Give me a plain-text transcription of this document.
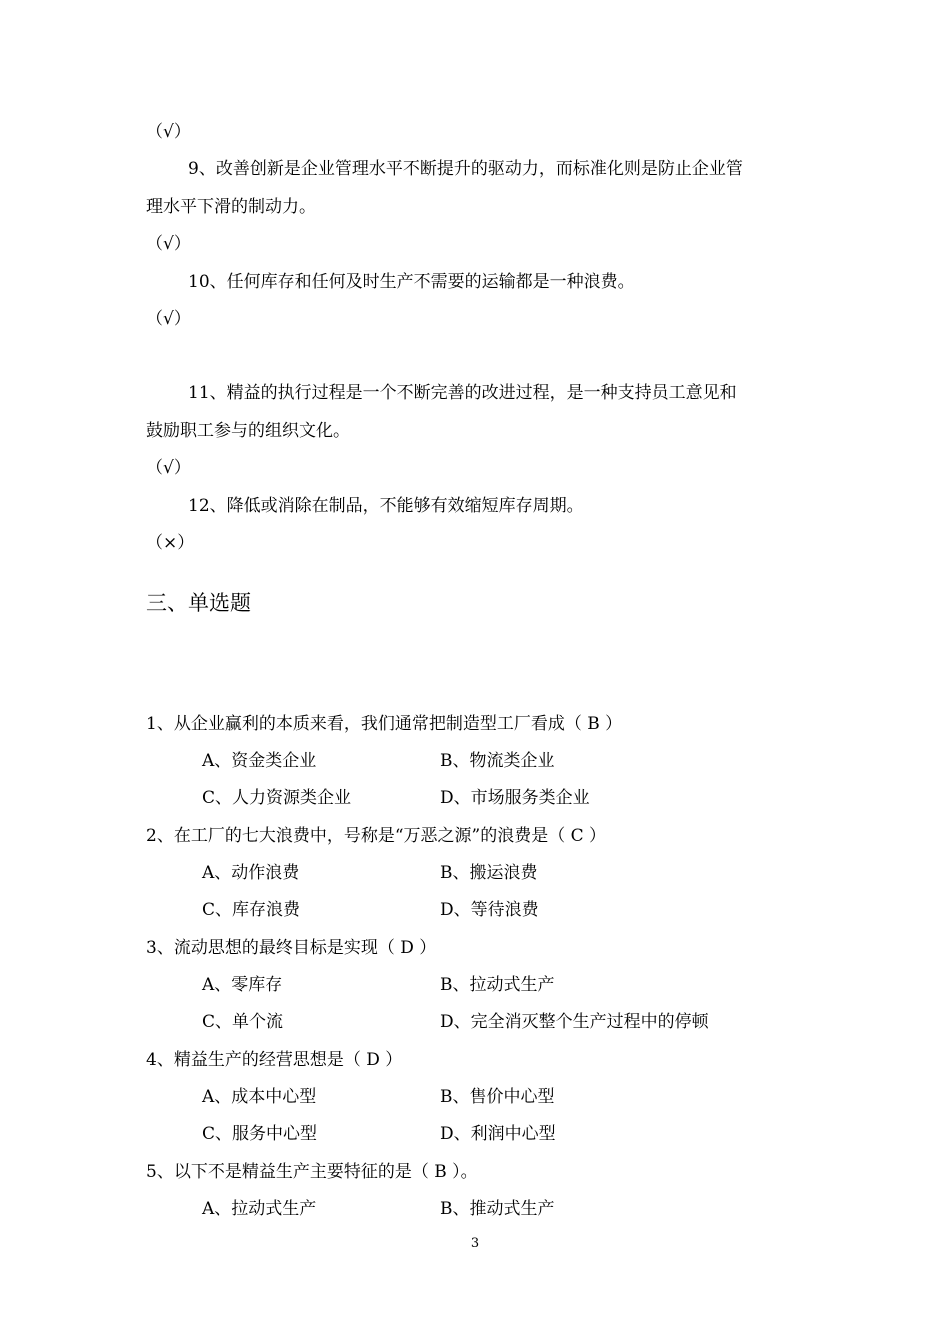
（√）
9、改善创新是企业管理水平不断提升的驱动力，而标准化则是防止企业管
理水平下滑的制动力。
（√）
10、任何库存和任何及时生产不需要的运输都是一种浪费。
（√）
11、精益的执行过程是一个不断完善的改进过程，是一种支持员工意见和
鼓励职工参与的组织文化。
（√）
12、降低或消除在制品，不能够有效缩短库存周期。
（×）
三、单选题
1、从企业赢利的本质来看，我们通常把制造型工厂看成（ B ）
A、资金类企业	B、物流类企业
C、人力资源类企业	D、市场服务类企业
2、在工厂的七大浪费中，号称是“万恶之源”的浪费是（ C ）
A、动作浪费	B、搬运浪费
C、库存浪费	D、等待浪费
3、流动思想的最终目标是实现（ D ）
A、零库存	B、拉动式生产
C、单个流	D、完全消灭整个生产过程中的停顿
4、精益生产的经营思想是（ D ）
A、成本中心型	B、售价中心型
C、服务中心型	D、利润中心型
5、以下不是精益生产主要特征的是（ B ）。
A、拉动式生产	B、推动式生产
3
